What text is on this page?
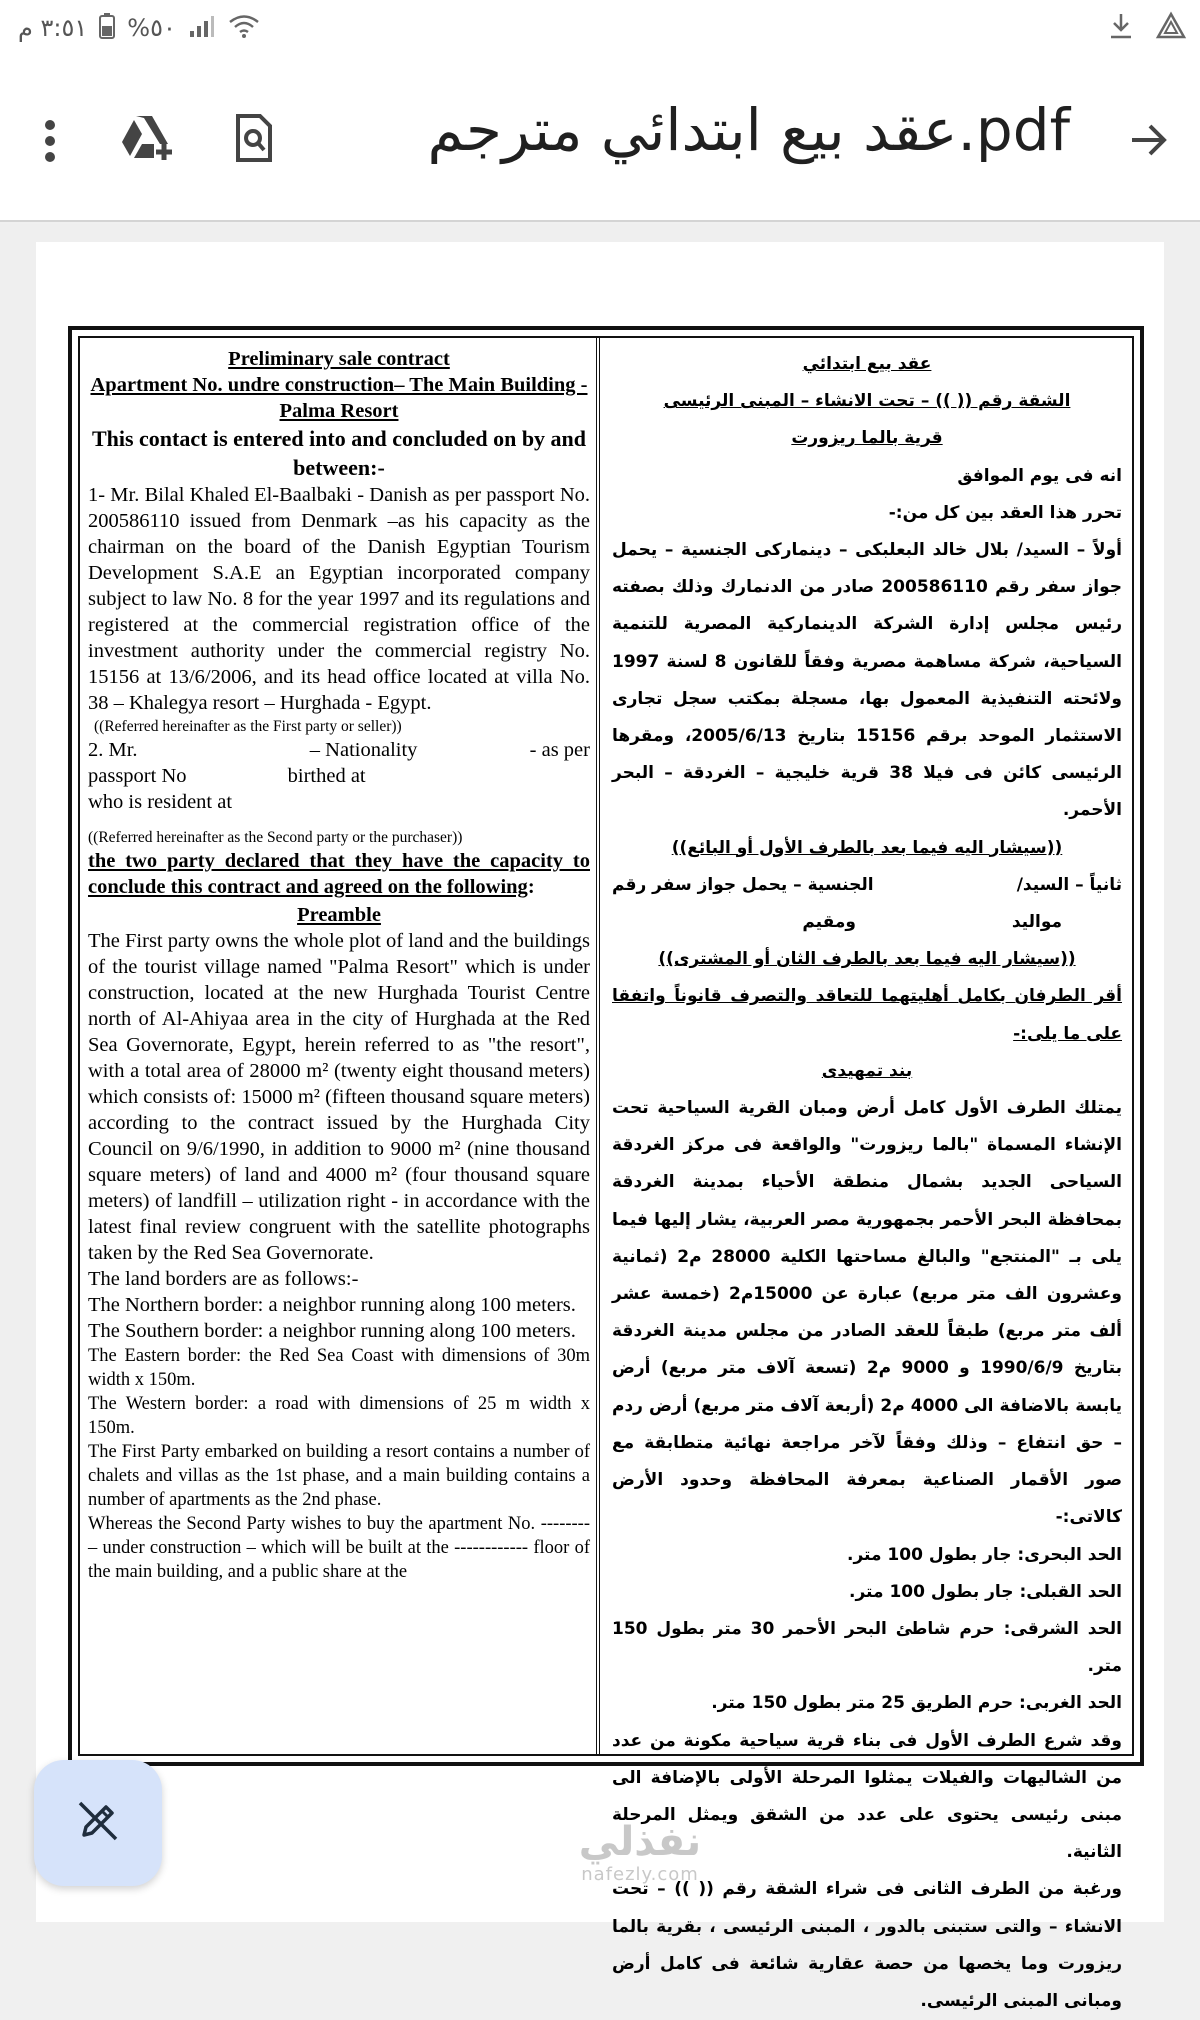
٣:٥١ م %٥٠
عقد بيع ابتدائي مترجم.pdf
Preliminary sale contract
Apartment No. undre construction– The Main Building - Palma Resort
This contact is entered into and concluded on by and between:-
1- Mr. Bilal Khaled El-Baalbaki - Danish as per passport No. 200586110 issued from Denmark –as his capacity as the chairman on the board of the Danish Egyptian Tourism Development S.A.E an Egyptian incorporated company subject to law No. 8 for the year 1997 and its regulations and registered at the commercial registration office of the investment authority under the commercial registry No. 15156 at 13/6/2006, and its head office located at villa No. 38 – Khalegya resort – Hurghada - Egypt.
((Referred hereinafter as the First party or seller))
2. Mr.	– Nationality	- as per
passport No	birthed at
who is resident at
((Referred hereinafter as the Second party or the purchaser))
the two party declared that they have the capacity to conclude this contract and agreed on the following:
Preamble
The First party owns the whole plot of land and the buildings of the tourist village named "Palma Resort" which is under construction, located at the new Hurghada Tourist Centre north of Al-Ahiyaa area in the city of Hurghada at the Red Sea Governorate, Egypt, herein referred to as "the resort", with a total area of 28000 m² (twenty eight thousand meters) which consists of: 15000 m² (fifteen thousand square meters) according to the contract issued by the Hurghada City Council on 9/6/1990, in addition to 9000 m² (nine thousand square meters) of land and 4000 m² (four thousand square meters) of landfill – utilization right - in accordance with the latest final review congruent with the satellite photographs taken by the Red Sea Governorate.
The land borders are as follows:-
The Northern border: a neighbor running along 100 meters.
The Southern border: a neighbor running along 100 meters.
The Eastern border: the Red Sea Coast with dimensions of 30m width x 150m.
The Western border: a road with dimensions of 25 m width x 150m.
The First Party embarked on building a resort contains a number of chalets and villas as the 1st phase, and a main building contains a number of apartments as the 2nd phase.
Whereas the Second Party wishes to buy the apartment No. -------- – under construction – which will be built at the ------------ floor of the main building, and a public share at the
عقد بيع ابتدائي
الشقة رقم (( )) – تحت الانشاء – المبنى الرئيسى
قرية بالما ريزورت
انه فى يوم الموافق
تحرر هذا العقد بين كل من:-
أولاً – السيد/ بلال خالد البعلبكى – دينماركى الجنسية – يحمل جواز سفر رقم 200586110 صادر من الدنمارك وذلك بصفته رئيس مجلس إدارة الشركة الدينماركية المصرية للتنمية السياحية، شركة مساهمة مصرية وفقاً للقانون 8 لسنة 1997 ولائحته التنفيذية المعمول بها، مسجلة بمكتب سجل تجارى الاستثمار الموحد برقم 15156 بتاريخ 2005/6/13، ومقرها الرئيسى كائن فى فيلا 38 قرية خليجية – الغردقة – البحر الأحمر.
((سيشار اليه فيما بعد بالطرف الأول أو البائع))
ثانياً – السيد/
الجنسية – يحمل جواز سفر رقم
مواليد ومقيم
((سيشار اليه فيما بعد بالطرف الثان أو المشترى))
أقر الطرفان بكامل أهليتهما للتعاقد والتصرف قانوناً واتفقا على ما يلى:-
بند تمهيدى
يمتلك الطرف الأول كامل أرض ومبان القرية السياحية تحت الإنشاء المسماة "بالما ريزورت" والواقعة فى مركز الغردقة السياحى الجديد بشمال منطقة الأحياء بمدينة الغردقة بمحافظة البحر الأحمر بجمهورية مصر العربية، يشار إليها فيما يلى بـ "المنتجع" والبالغ مساحتها الكلية 28000 م2 (ثمانية وعشرون الف متر مربع) عبارة عن 15000م2 (خمسة عشر ألف متر مربع) طبقاً للعقد الصادر من مجلس مدينة الغردقة بتاريخ 1990/6/9 و 9000 م2 (تسعة آلاف متر مربع) أرض يابسة بالاضافة الى 4000 م2 (أربعة آلاف متر مربع) أرض ردم – حق انتفاع – وذلك وفقاً لآخر مراجعة نهائية متطابقة مع صور الأقمار الصناعية بمعرفة المحافظة وحدود الأرض كالاتى:-
الحد البحرى: جار بطول 100 متر.
الحد القبلى: جار بطول 100 متر.
الحد الشرقى: حرم شاطئ البحر الأحمر 30 متر بطول 150 متر.
الحد الغربى: حرم الطريق 25 متر بطول 150 متر.
وقد شرع الطرف الأول فى بناء قرية سياحية مكونة من عدد من الشاليهات والفيلات يمثلوا المرحلة الأولى بالإضافة الى مبنى رئيسى يحتوى على عدد من الشقق ويمثل المرحلة الثانية.
ورغبة من الطرف الثانى فى شراء الشقة رقم (( )) – تحت الانشاء – والتى ستبنى بالدور ، المبنى الرئيسى ، بقرية بالما ريزورت وما يخصها من حصة عقارية شائعة فى كامل أرض ومبانى المبنى الرئيسى.
نفذلي
nafezly.com
